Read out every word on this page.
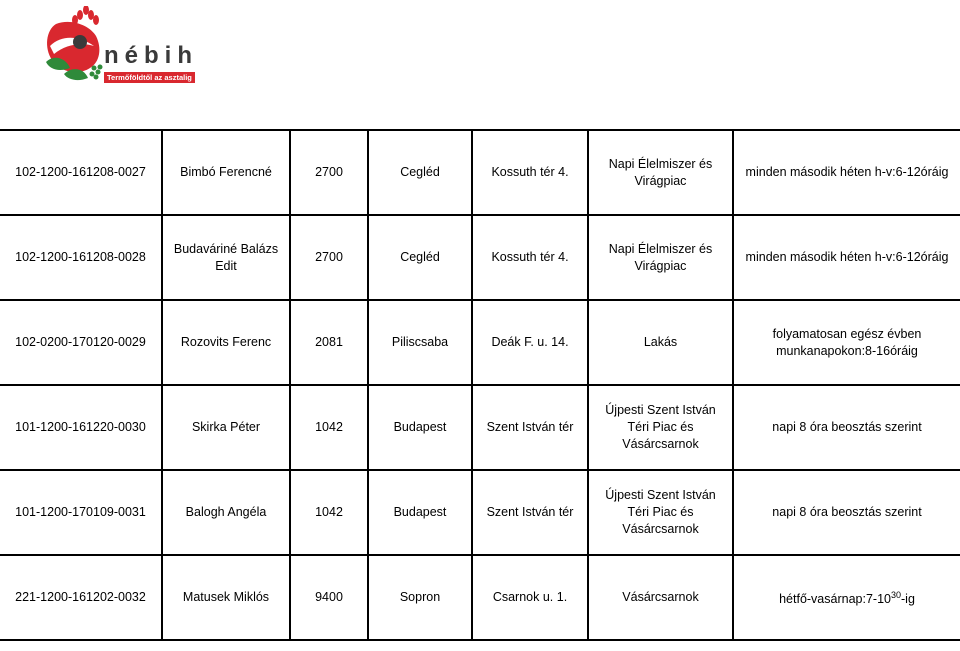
nébih
Termőföldtől az asztalig
Nyilvántartott gombaszakellenőrök
2012. szeptember
102-1200-161208-0027	Bimbó Ferencné	2700	Cegléd	Kossuth tér 4.	Napi Élelmiszer és Virágpiac	minden második héten h-v:6-12óráig
102-1200-161208-0028	Budaváriné Balázs Edit	2700	Cegléd	Kossuth tér 4.	Napi Élelmiszer és Virágpiac	minden második héten h-v:6-12óráig
102-0200-170120-0029	Rozovits Ferenc	2081	Piliscsaba	Deák F. u. 14.	Lakás	folyamatosan egész évben munkanapokon:8-16óráig
101-1200-161220-0030	Skirka Péter	1042	Budapest	Szent István tér	Újpesti Szent István Téri Piac és Vásárcsarnok	napi 8 óra beosztás szerint
101-1200-170109-0031	Balogh Angéla	1042	Budapest	Szent István tér	Újpesti Szent István Téri Piac és Vásárcsarnok	napi 8 óra beosztás szerint
221-1200-161202-0032	Matusek Miklós	9400	Sopron	Csarnok u. 1.	Vásárcsarnok	hétfő-$vasárnap:7-10^{30}-ig$
